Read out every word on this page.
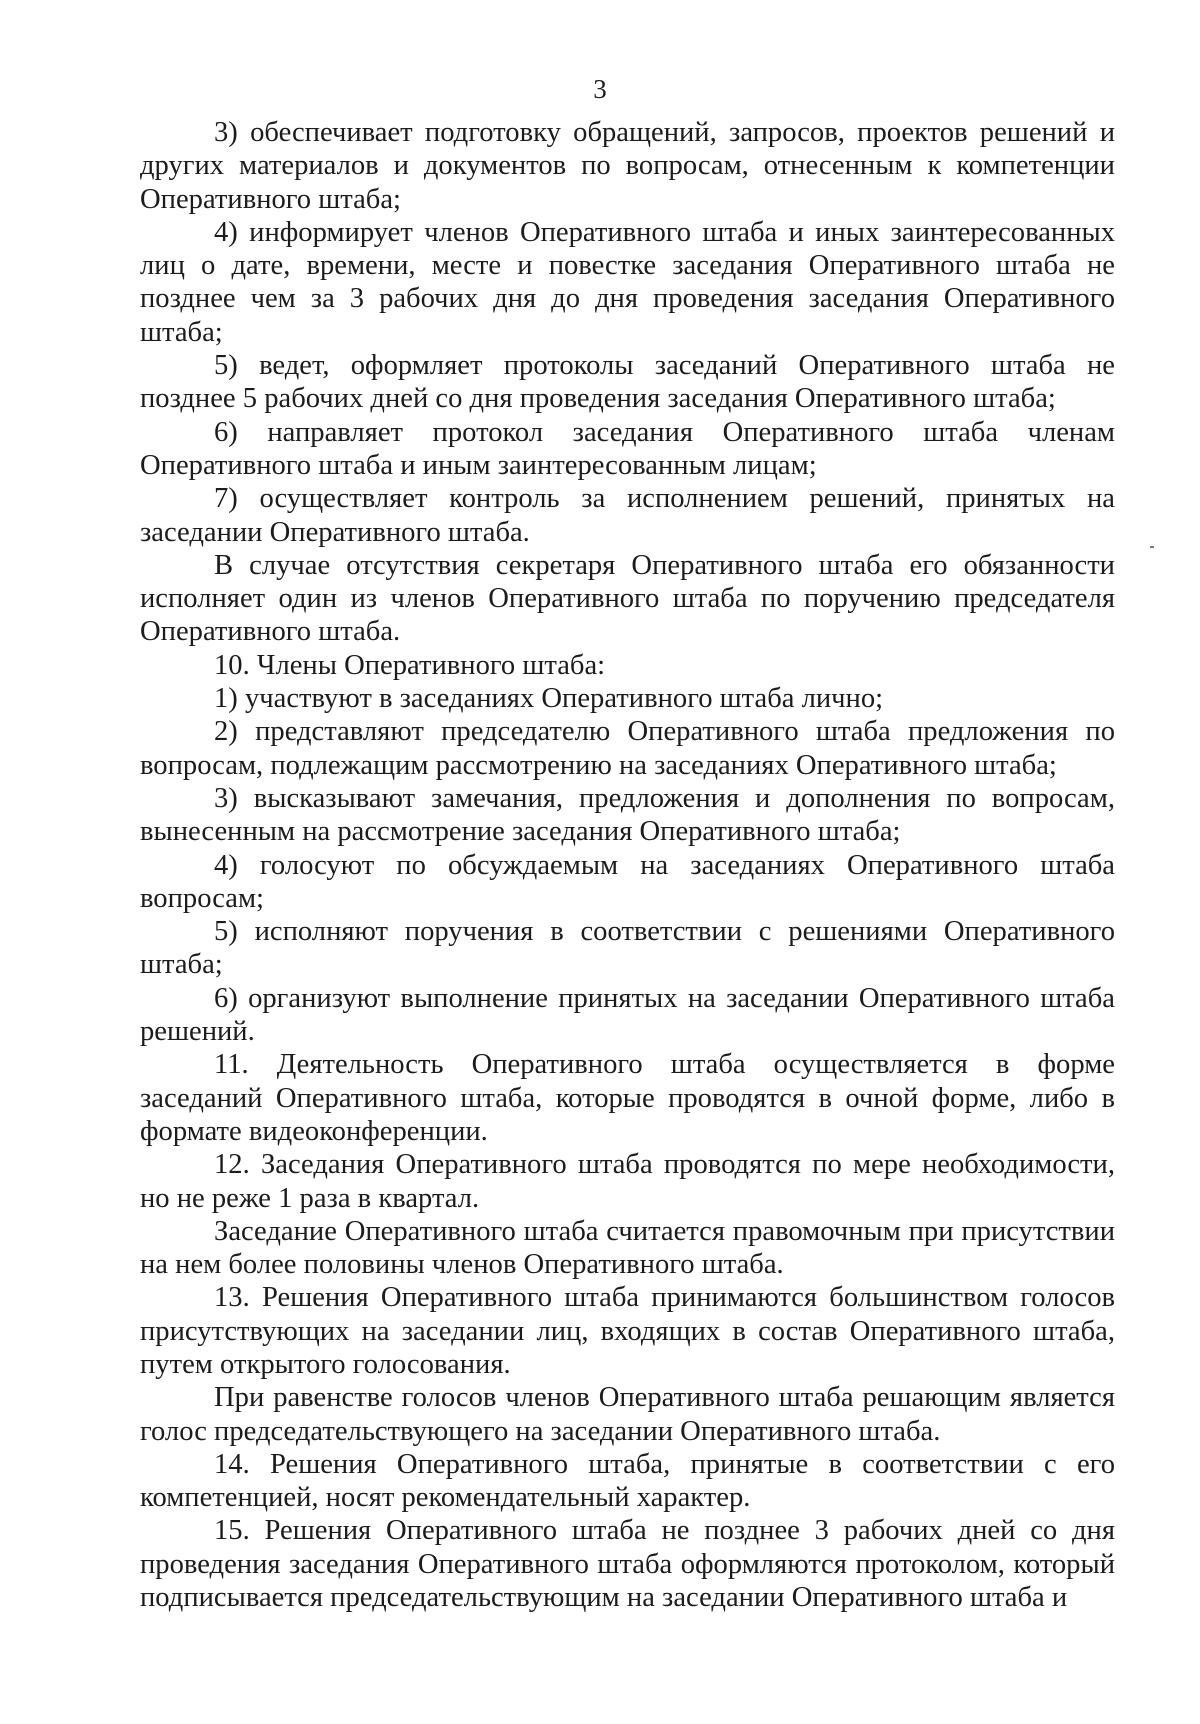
3

3) обеспечивает подготовку обращений, запросов, проектов решений и других материалов и документов по вопросам, отнесенным к компетенции Оперативного штаба;

4) информирует членов Оперативного штаба и иных заинтересованных лиц о дате, времени, месте и повестке заседания Оперативного штаба не позднее чем за 3 рабочих дня до дня проведения заседания Оперативного штаба;

5) ведет, оформляет протоколы заседаний Оперативного штаба не позднее 5 рабочих дней со дня проведения заседания Оперативного штаба;

6) направляет протокол заседания Оперативного штаба членам Оперативного штаба и иным заинтересованным лицам;

7) осуществляет контроль за исполнением решений, принятых на заседании Оперативного штаба.

В случае отсутствия секретаря Оперативного штаба его обязанности исполняет один из членов Оперативного штаба по поручению председателя Оперативного штаба.

10. Члены Оперативного штаба:

1) участвуют в заседаниях Оперативного штаба лично;

2) представляют председателю Оперативного штаба предложения по вопросам, подлежащим рассмотрению на заседаниях Оперативного штаба;

3) высказывают замечания, предложения и дополнения по вопросам, вынесенным на рассмотрение заседания Оперативного штаба;

4) голосуют по обсуждаемым на заседаниях Оперативного штаба вопросам;

5) исполняют поручения в соответствии с решениями Оперативного штаба;

6) организуют выполнение принятых на заседании Оперативного штаба решений.

11. Деятельность Оперативного штаба осуществляется в форме заседаний Оперативного штаба, которые проводятся в очной форме, либо в формате видеоконференции.

12. Заседания Оперативного штаба проводятся по мере необходимости, но не реже 1 раза в квартал.

Заседание Оперативного штаба считается правомочным при присутствии на нем более половины членов Оперативного штаба.

13. Решения Оперативного штаба принимаются большинством голосов присутствующих на заседании лиц, входящих в состав Оперативного штаба, путем открытого голосования.

При равенстве голосов членов Оперативного штаба решающим является голос председательствующего на заседании Оперативного штаба.

14. Решения Оперативного штаба, принятые в соответствии с его компетенцией, носят рекомендательный характер.

15. Решения Оперативного штаба не позднее 3 рабочих дней со дня проведения заседания Оперативного штаба оформляются протоколом, который подписывается председательствующим на заседании Оперативного штаба и
